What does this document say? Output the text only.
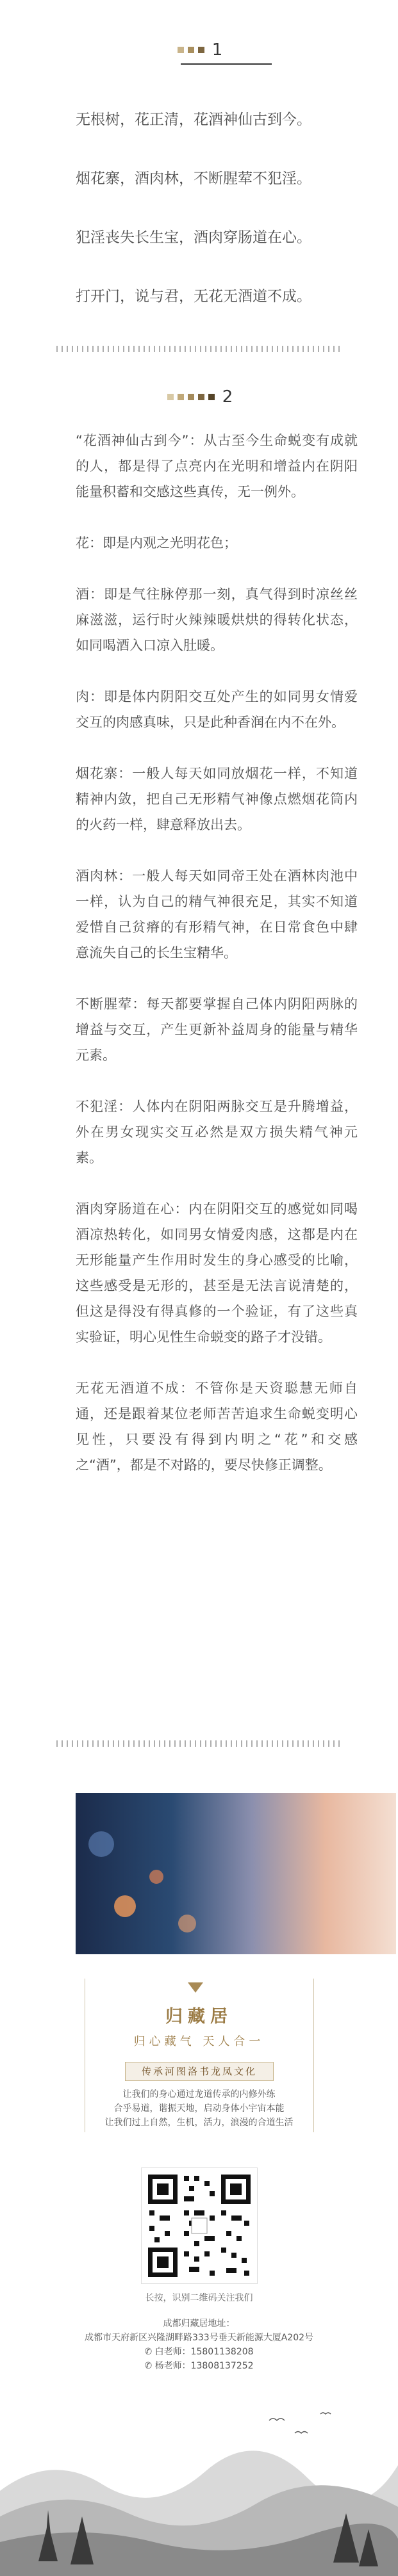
1

无根树，花正清，花酒神仙古到今。

烟花寨，酒肉林，不断腥荤不犯淫。

犯淫丧失长生宝，酒肉穿肠道在心。

打开门，说与君，无花无酒道不成。

2

“花酒神仙古到今”：从古至今生命蜕变有成就的人，都是得了点亮内在光明和增益内在阴阳能量积蓄和交感这些真传，无一例外。

花：即是内观之光明花色；

酒：即是气往脉停那一刻，真气得到时凉丝丝麻滋滋，运行时火辣辣暖烘烘的得转化状态，如同喝酒入口凉入肚暖。

肉：即是体内阴阳交互处产生的如同男女情爱交互的肉感真味，只是此种香润在内不在外。

烟花寨：一般人每天如同放烟花一样，不知道精神内敛，把自己无形精气神像点燃烟花筒内的火药一样，肆意释放出去。

酒肉林：一般人每天如同帝王处在酒林肉池中一样，认为自己的精气神很充足，其实不知道爱惜自己贫瘠的有形精气神，在日常食色中肆意流失自己的长生宝精华。

不断腥荤：每天都要掌握自己体内阴阳两脉的增益与交互，产生更新补益周身的能量与精华元素。

不犯淫：人体内在阴阳两脉交互是升腾增益，外在男女现实交互必然是双方损失精气神元素。

酒肉穿肠道在心：内在阴阳交互的感觉如同喝酒凉热转化，如同男女情爱肉感，这都是内在无形能量产生作用时发生的身心感受的比喻，这些感受是无形的，甚至是无法言说清楚的，但这是得没有得真修的一个验证，有了这些真实验证，明心见性生命蜕变的路子才没错。

无花无酒道不成：不管你是天资聪慧无师自通，还是跟着某位老师苦苦追求生命蜕变明心见性，只要没有得到内明之“花”和交感之“酒”，都是不对路的，要尽快修正调整。

归藏居
归心藏气 天人合一
传承河图洛书龙凤文化
让我们的身心通过龙道传承的内修外练
合乎易道，谐振天地，启动身体小宇宙本能
让我们过上自然，生机，活力，浪漫的合道生活
长按，识别二维码关注我们
成都归藏居地址：
成都市天府新区兴隆湖畔路333号垂天新能源大厦A202号
✆ 白老师：15801138208
✆ 杨老师：13808137252
